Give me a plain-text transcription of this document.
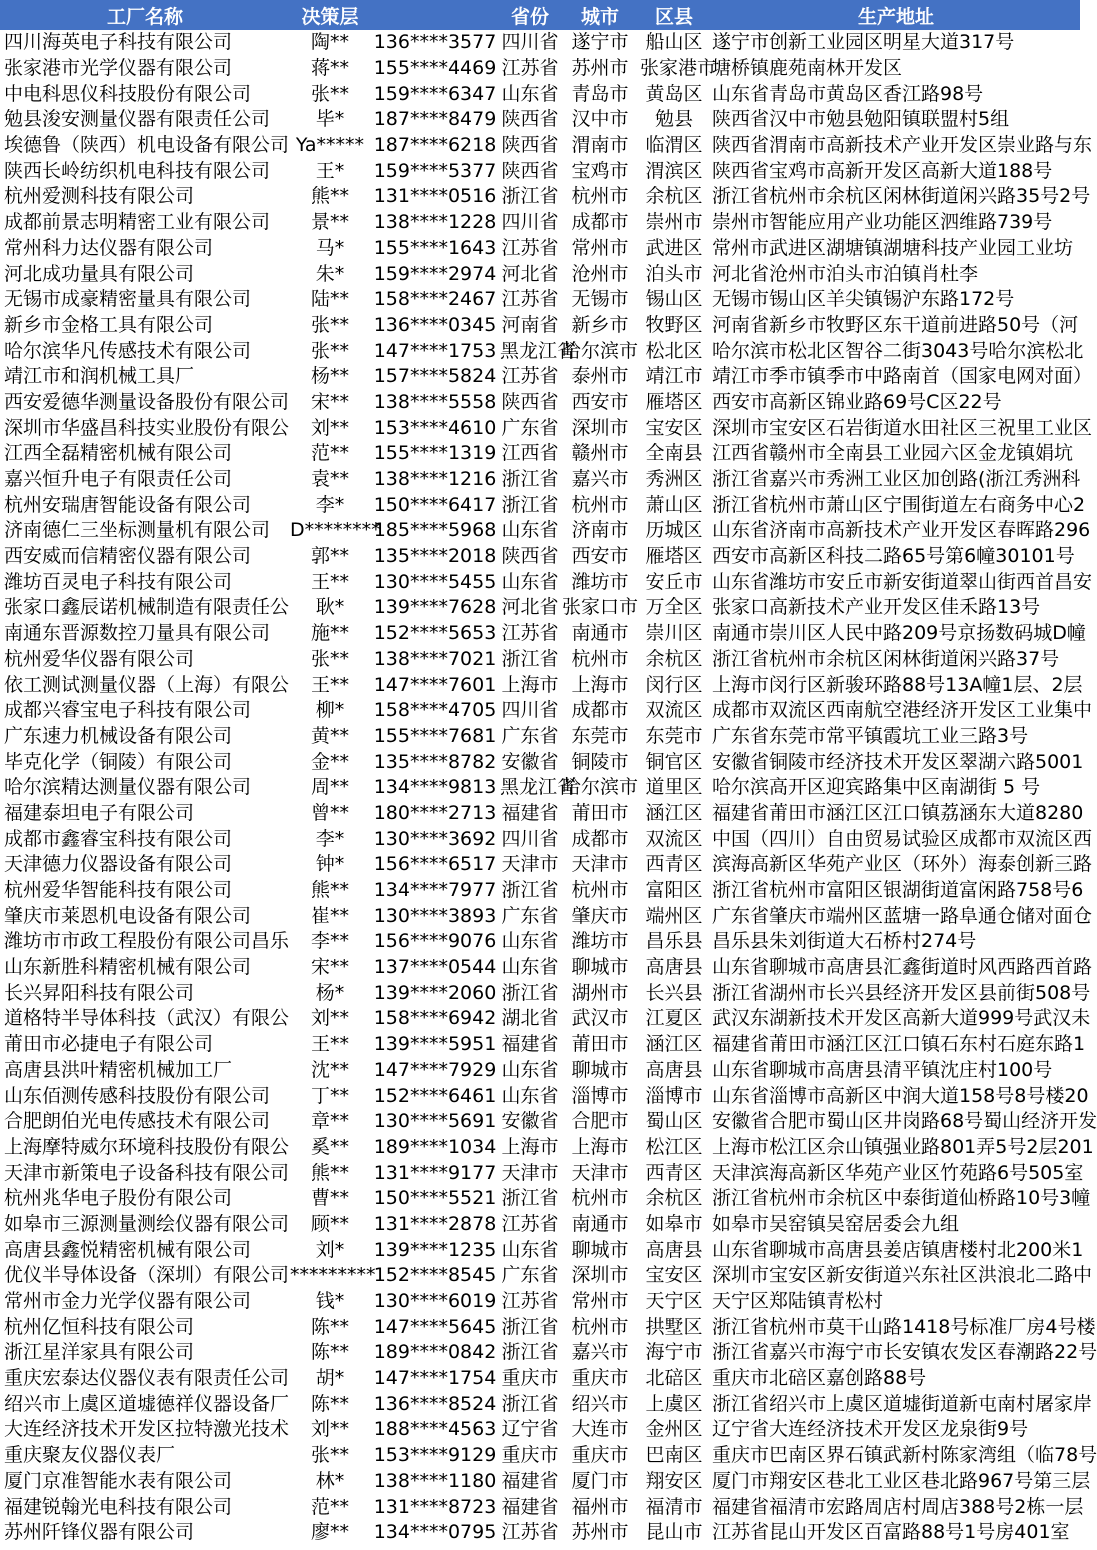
工厂名称	决策层		省份	城市	区县	生产地址
四川海英电子科技有限公司	陶**	136****3577	四川省	遂宁市	船山区	遂宁市创新工业园区明星大道317号
张家港市光学仪器有限公司	蒋**	155****4469	江苏省	苏州市	张家港市	塘桥镇鹿苑南林开发区
中电科思仪科技股份有限公司	张**	159****6347	山东省	青岛市	黄岛区	山东省青岛市黄岛区香江路98号
勉县浚安测量仪器有限责任公司	毕*	187****8479	陕西省	汉中市	勉县	陕西省汉中市勉县勉阳镇联盟村5组
埃德鲁（陕西）机电设备有限公司	Ya*****	187****6218	陕西省	渭南市	临渭区	陕西省渭南市高新技术产业开发区崇业路与东
陕西长岭纺织机电科技有限公司	王*	159****5377	陕西省	宝鸡市	渭滨区	陕西省宝鸡市高新开发区高新大道188号
杭州爱测科技有限公司	熊**	131****0516	浙江省	杭州市	余杭区	浙江省杭州市余杭区闲林街道闲兴路35号2号
成都前景志明精密工业有限公司	景**	138****1228	四川省	成都市	崇州市	崇州市智能应用产业功能区泗维路739号
常州科力达仪器有限公司	马*	155****1643	江苏省	常州市	武进区	常州市武进区湖塘镇湖塘科技产业园工业坊
河北成功量具有限公司	朱*	159****2974	河北省	沧州市	泊头市	河北省沧州市泊头市泊镇肖杜李
无锡市成豪精密量具有限公司	陆**	158****2467	江苏省	无锡市	锡山区	无锡市锡山区羊尖镇锡沪东路172号
新乡市金格工具有限公司	张**	136****0345	河南省	新乡市	牧野区	河南省新乡市牧野区东干道前进路50号（河
哈尔滨华凡传感技术有限公司	张**	147****1753	黑龙江省	哈尔滨市	松北区	哈尔滨市松北区智谷二街3043号哈尔滨松北
靖江市和润机械工具厂	杨**	157****5824	江苏省	泰州市	靖江市	靖江市季市镇季市中路南首（国家电网对面）
西安爱德华测量设备股份有限公司	宋**	138****5558	陕西省	西安市	雁塔区	西安市高新区锦业路69号C区22号
深圳市华盛昌科技实业股份有限公	刘**	153****4610	广东省	深圳市	宝安区	深圳市宝安区石岩街道水田社区三祝里工业区
江西全磊精密机械有限公司	范**	155****1319	江西省	赣州市	全南县	江西省赣州市全南县工业园六区金龙镇娟坑
嘉兴恒升电子有限责任公司	袁**	138****1216	浙江省	嘉兴市	秀洲区	浙江省嘉兴市秀洲工业区加创路(浙江秀洲科
杭州安瑞唐智能设备有限公司	李*	150****6417	浙江省	杭州市	萧山区	浙江省杭州市萧山区宁围街道左右商务中心2
济南德仁三坐标测量机有限公司	D********	185****5968	山东省	济南市	历城区	山东省济南市高新技术产业开发区春晖路296
西安威而信精密仪器有限公司	郭**	135****2018	陕西省	西安市	雁塔区	西安市高新区科技二路65号第6幢30101号
潍坊百灵电子科技有限公司	王**	130****5455	山东省	潍坊市	安丘市	山东省潍坊市安丘市新安街道翠山街西首昌安
张家口鑫辰诺机械制造有限责任公	耿*	139****7628	河北省	张家口市	万全区	张家口高新技术产业开发区佳禾路13号
南通东晋源数控刀量具有限公司	施**	152****5653	江苏省	南通市	崇川区	南通市崇川区人民中路209号京扬数码城D幢
杭州爱华仪器有限公司	张**	138****7021	浙江省	杭州市	余杭区	浙江省杭州市余杭区闲林街道闲兴路37号
依工测试测量仪器（上海）有限公	王**	147****7601	上海市	上海市	闵行区	上海市闵行区新骏环路88号13A幢1层、2层
成都兴睿宝电子科技有限公司	柳*	158****4705	四川省	成都市	双流区	成都市双流区西南航空港经济开发区工业集中
广东速力机械设备有限公司	黄**	155****7681	广东省	东莞市	东莞市	广东省东莞市常平镇霞坑工业三路3号
毕克化学（铜陵）有限公司	金**	135****8782	安徽省	铜陵市	铜官区	安徽省铜陵市经济技术开发区翠湖六路5001
哈尔滨精达测量仪器有限公司	周**	134****9813	黑龙江省	哈尔滨市	道里区	哈尔滨高开区迎宾路集中区南湖街 5 号
福建泰坦电子有限公司	曾**	180****2713	福建省	莆田市	涵江区	福建省莆田市涵江区江口镇荔涵东大道8280
成都市鑫睿宝科技有限公司	李*	130****3692	四川省	成都市	双流区	中国（四川）自由贸易试验区成都市双流区西
天津德力仪器设备有限公司	钟*	156****6517	天津市	天津市	西青区	滨海高新区华苑产业区（环外）海泰创新三路
杭州爱华智能科技有限公司	熊**	134****7977	浙江省	杭州市	富阳区	浙江省杭州市富阳区银湖街道富闲路758号6
肇庆市莱恩机电设备有限公司	崔**	130****3893	广东省	肇庆市	端州区	广东省肇庆市端州区蓝塘一路阜通仓储对面仓
潍坊市市政工程股份有限公司昌乐	李**	156****9076	山东省	潍坊市	昌乐县	昌乐县朱刘街道大石桥村274号
山东新胜科精密机械有限公司	宋**	137****0544	山东省	聊城市	高唐县	山东省聊城市高唐县汇鑫街道时风西路西首路
长兴昇阳科技有限公司	杨*	139****2060	浙江省	湖州市	长兴县	浙江省湖州市长兴县经济开发区县前街508号
道格特半导体科技（武汉）有限公	刘**	158****6942	湖北省	武汉市	江夏区	武汉东湖新技术开发区高新大道999号武汉未
莆田市必捷电子有限公司	王**	139****5951	福建省	莆田市	涵江区	福建省莆田市涵江区江口镇石东村石庭东路1
高唐县洪叶精密机械加工厂	沈**	147****7929	山东省	聊城市	高唐县	山东省聊城市高唐县清平镇沈庄村100号
山东佰测传感科技股份有限公司	丁**	152****6461	山东省	淄博市	淄博市	山东省淄博市高新区中润大道158号8号楼20
合肥朗伯光电传感技术有限公司	章**	130****5691	安徽省	合肥市	蜀山区	安徽省合肥市蜀山区井岗路68号蜀山经济开发
上海摩特威尔环境科技股份有限公	奚**	189****1034	上海市	上海市	松江区	上海市松江区佘山镇强业路801弄5号2层201
天津市新策电子设备科技有限公司	熊**	131****9177	天津市	天津市	西青区	天津滨海高新区华苑产业区竹苑路6号505室
杭州兆华电子股份有限公司	曹**	150****5521	浙江省	杭州市	余杭区	浙江省杭州市余杭区中泰街道仙桥路10号3幢
如皋市三源测量测绘仪器有限公司	顾**	131****2878	江苏省	南通市	如皋市	如皋市吴窑镇吴窑居委会九组
高唐县鑫悦精密机械有限公司	刘*	139****1235	山东省	聊城市	高唐县	山东省聊城市高唐县姜店镇唐楼村北200米1
优仪半导体设备（深圳）有限公司	*********	152****8545	广东省	深圳市	宝安区	深圳市宝安区新安街道兴东社区洪浪北二路中
常州市金力光学仪器有限公司	钱*	130****6019	江苏省	常州市	天宁区	天宁区郑陆镇青松村
杭州亿恒科技有限公司	陈**	147****5645	浙江省	杭州市	拱墅区	浙江省杭州市莫干山路1418号标准厂房4号楼
浙江星洋家具有限公司	陈**	189****0842	浙江省	嘉兴市	海宁市	浙江省嘉兴市海宁市长安镇农发区春潮路22号
重庆宏泰达仪器仪表有限责任公司	胡*	147****1754	重庆市	重庆市	北碚区	重庆市北碚区嘉创路88号
绍兴市上虞区道墟德祥仪器设备厂	陈**	136****8524	浙江省	绍兴市	上虞区	浙江省绍兴市上虞区道墟街道新屯南村屠家岸
大连经济技术开发区拉特激光技术	刘**	188****4563	辽宁省	大连市	金州区	辽宁省大连经济技术开发区龙泉街9号
重庆聚友仪器仪表厂	张**	153****9129	重庆市	重庆市	巴南区	重庆市巴南区界石镇武新村陈家湾组（临78号
厦门京准智能水表有限公司	林*	138****1180	福建省	厦门市	翔安区	厦门市翔安区巷北工业区巷北路967号第三层
福建锐翰光电科技有限公司	范**	131****8723	福建省	福州市	福清市	福建省福清市宏路周店村周店388号2栋一层
苏州阡锋仪器有限公司	廖**	134****0795	江苏省	苏州市	昆山市	江苏省昆山开发区百富路88号1号房401室
